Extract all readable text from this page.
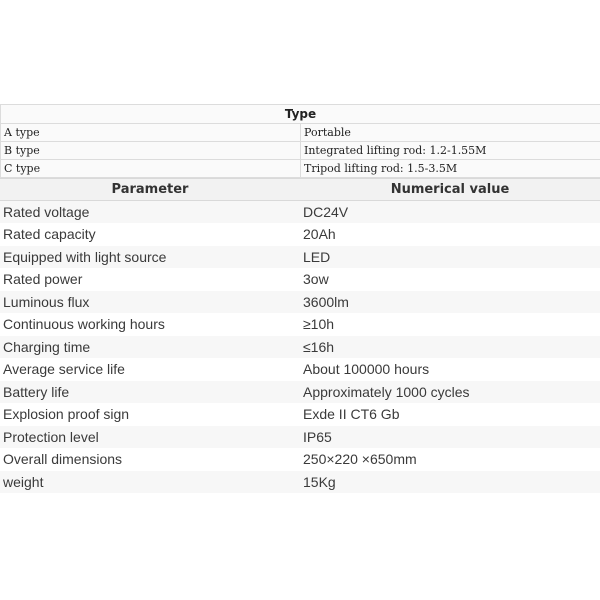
Type	
A type	Portable
B type	Integrated lifting rod: 1.2-1.55M
C type	Tripod lifting rod: 1.5-3.5M
Parameter	Numerical value
Rated voltage	DC24V
Rated capacity	20Ah
Equipped with light source	LED
Rated power	3ow
Luminous flux	3600lm
Continuous working hours	≥10h
Charging time	≤16h
Average service life	About 100000 hours
Battery life	Approximately 1000 cycles
Explosion proof sign	Exde II CT6 Gb
Protection level	IP65
Overall dimensions	250×220 ×650mm
weight	15Kg
